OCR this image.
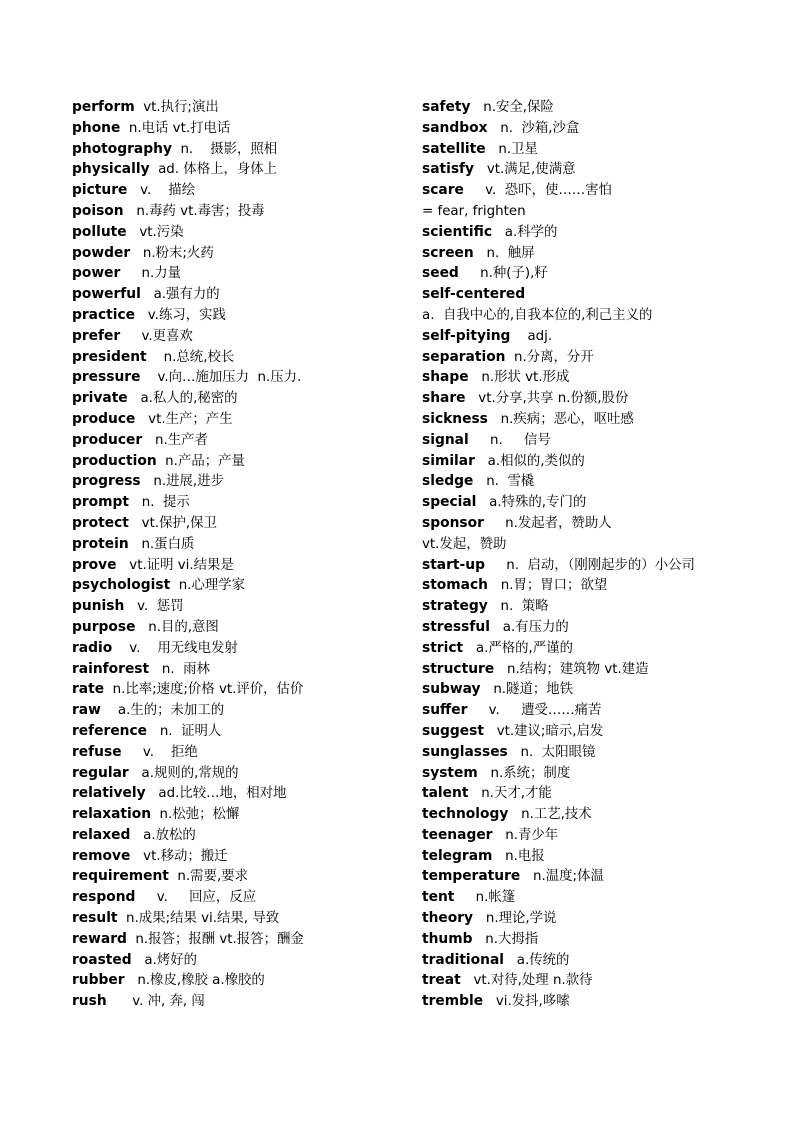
perform  vt.执行;演出
phone  n.电话 vt.打电话
photography  n.    摄影，照相
physically  ad. 体格上，身体上
picture   v.    描绘
poison   n.毒药 vt.毒害；投毒
pollute   vt.污染
powder   n.粉末;火药
power     n.力量
powerful   a.强有力的
practice   v.练习，实践
prefer     v.更喜欢
president    n.总统,校长
pressure    v.向…施加压力  n.压力.
private   a.私人的,秘密的
produce   vt.生产；产生
producer   n.生产者
production  n.产品；产量
progress   n.进展,进步
prompt   n.  提示
protect   vt.保护,保卫
protein   n.蛋白质
prove   vt.证明 vi.结果是
psychologist  n.心理学家
punish   v.  惩罚
purpose   n.目的,意图
radio    v.    用无线电发射
rainforest   n.  雨林
rate  n.比率;速度;价格 vt.评价，估价
raw    a.生的；未加工的
reference   n.  证明人
refuse     v.    拒绝
regular   a.规则的,常规的
relatively   ad.比较…地，相对地
relaxation  n.松弛；松懈
relaxed   a.放松的
remove   vt.移动；搬迁
requirement  n.需要,要求
respond     v.     回应，反应
result  n.成果;结果 vi.结果, 导致
reward  n.报答；报酬 vt.报答；酬金
roasted   a.烤好的
rubber   n.橡皮,橡胶 a.橡胶的
rush      v. 冲, 奔, 闯
safety   n.安全,保险
sandbox   n.  沙箱,沙盒
satellite   n.卫星
satisfy   vt.满足,使满意
scare     v.  恐吓，使……害怕
= fear, frighten
scientific   a.科学的
screen   n.  触屏
seed     n.种(子),籽
self-centered
a.  自我中心的,自我本位的,利己主义的
self-pitying    adj.
separation  n.分离，分开
shape   n.形状 vt.形成
share   vt.分享,共享 n.份额,股份
sickness   n.疾病；恶心，呕吐感
signal     n.     信号
similar   a.相似的,类似的
sledge   n.  雪橇
special   a.特殊的,专门的
sponsor     n.发起者，赞助人
vt.发起，赞助
start-up     n.  启动，（刚刚起步的）小公司
stomach   n.胃；胃口；欲望
strategy   n.  策略
stressful   a.有压力的
strict   a.严格的,严谨的
structure   n.结构；建筑物 vt.建造
subway   n.隧道；地铁
suffer     v.     遭受……痛苦
suggest   vt.建议;暗示,启发
sunglasses   n.  太阳眼镜
system   n.系统；制度
talent   n.天才,才能
technology   n.工艺,技术
teenager   n.青少年
telegram   n.电报
temperature   n.温度;体温
tent     n.帐篷
theory   n.理论,学说
thumb   n.大拇指
traditional   a.传统的
treat   vt.对待,处理 n.款待
tremble   vi.发抖,哆嗦
